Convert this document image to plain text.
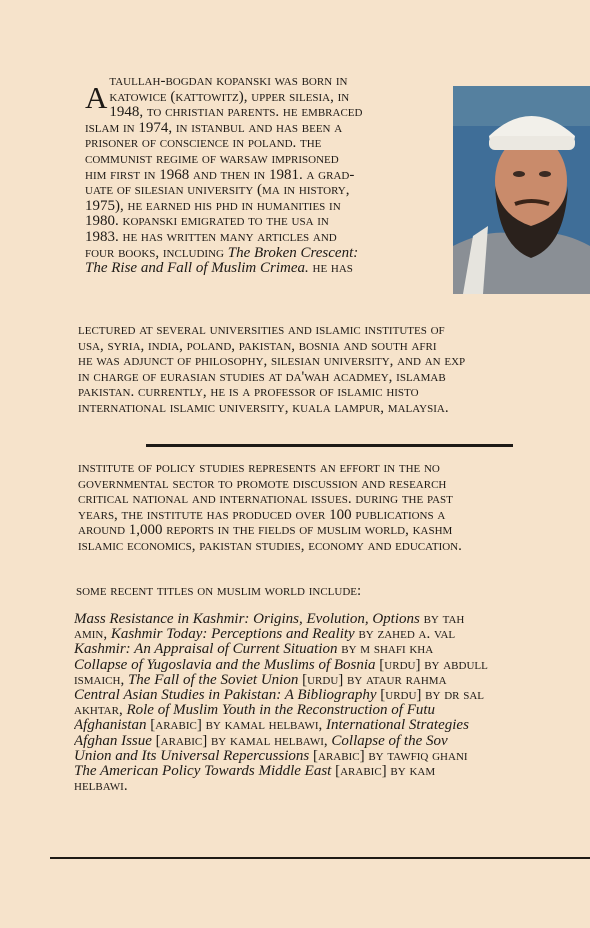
a taullah-bogdan kopanski was born in
katowice (kattowitz), upper silesia, in
1948, to christian parents. he embraced
islam in 1974, in istanbul and has been a
prisoner of conscience in poland. the
communist regime of warsaw imprisoned
him first in 1968 and then in 1981. a grad-
uate of silesian university (ma in history,
1975), he earned his phd in humanities in
1980. kopanski emigrated to the usa in
1983. he has written many articles and
four books, including The Broken Crescent:
The Rise and Fall of Muslim Crimea. he has
lectured at several universities and islamic institutes of
usa, syria, india, poland, pakistan, bosnia and south afri
he was adjunct of philosophy, silesian university, and an exp
in charge of eurasian studies at da'wah acadmey, islamab
pakistan. currently, he is a professor of islamic histo
international islamic university, kuala lampur, malaysia.
institute of policy studies represents an effort in the no
governmental sector to promote discussion and research
critical national and international issues. during the past
years, the institute has produced over 100 publications a
around 1,000 reports in the fields of muslim world, kashm
islamic economics, pakistan studies, economy and education.
some recent titles on muslim world include:
Mass Resistance in Kashmir: Origins, Evolution, Options by tah
amin, Kashmir Today: Perceptions and Reality by zahed a. val
Kashmir: An Appraisal of Current Situation by m shafi kha
Collapse of Yugoslavia and the Muslims of Bosnia [urdu] by abdull
ismaich, The Fall of the Soviet Union [urdu] by ataur rahma
Central Asian Studies in Pakistan: A Bibliography [urdu] by dr sal
akhtar, Role of Muslim Youth in the Reconstruction of Futu
Afghanistan [arabic] by kamal helbawi, International Strategies
Afghan Issue [arabic] by kamal helbawi, Collapse of the Sov
Union and Its Universal Repercussions [arabic] by tawfiq ghani
The American Policy Towards Middle East [arabic] by kam
helbawi.
